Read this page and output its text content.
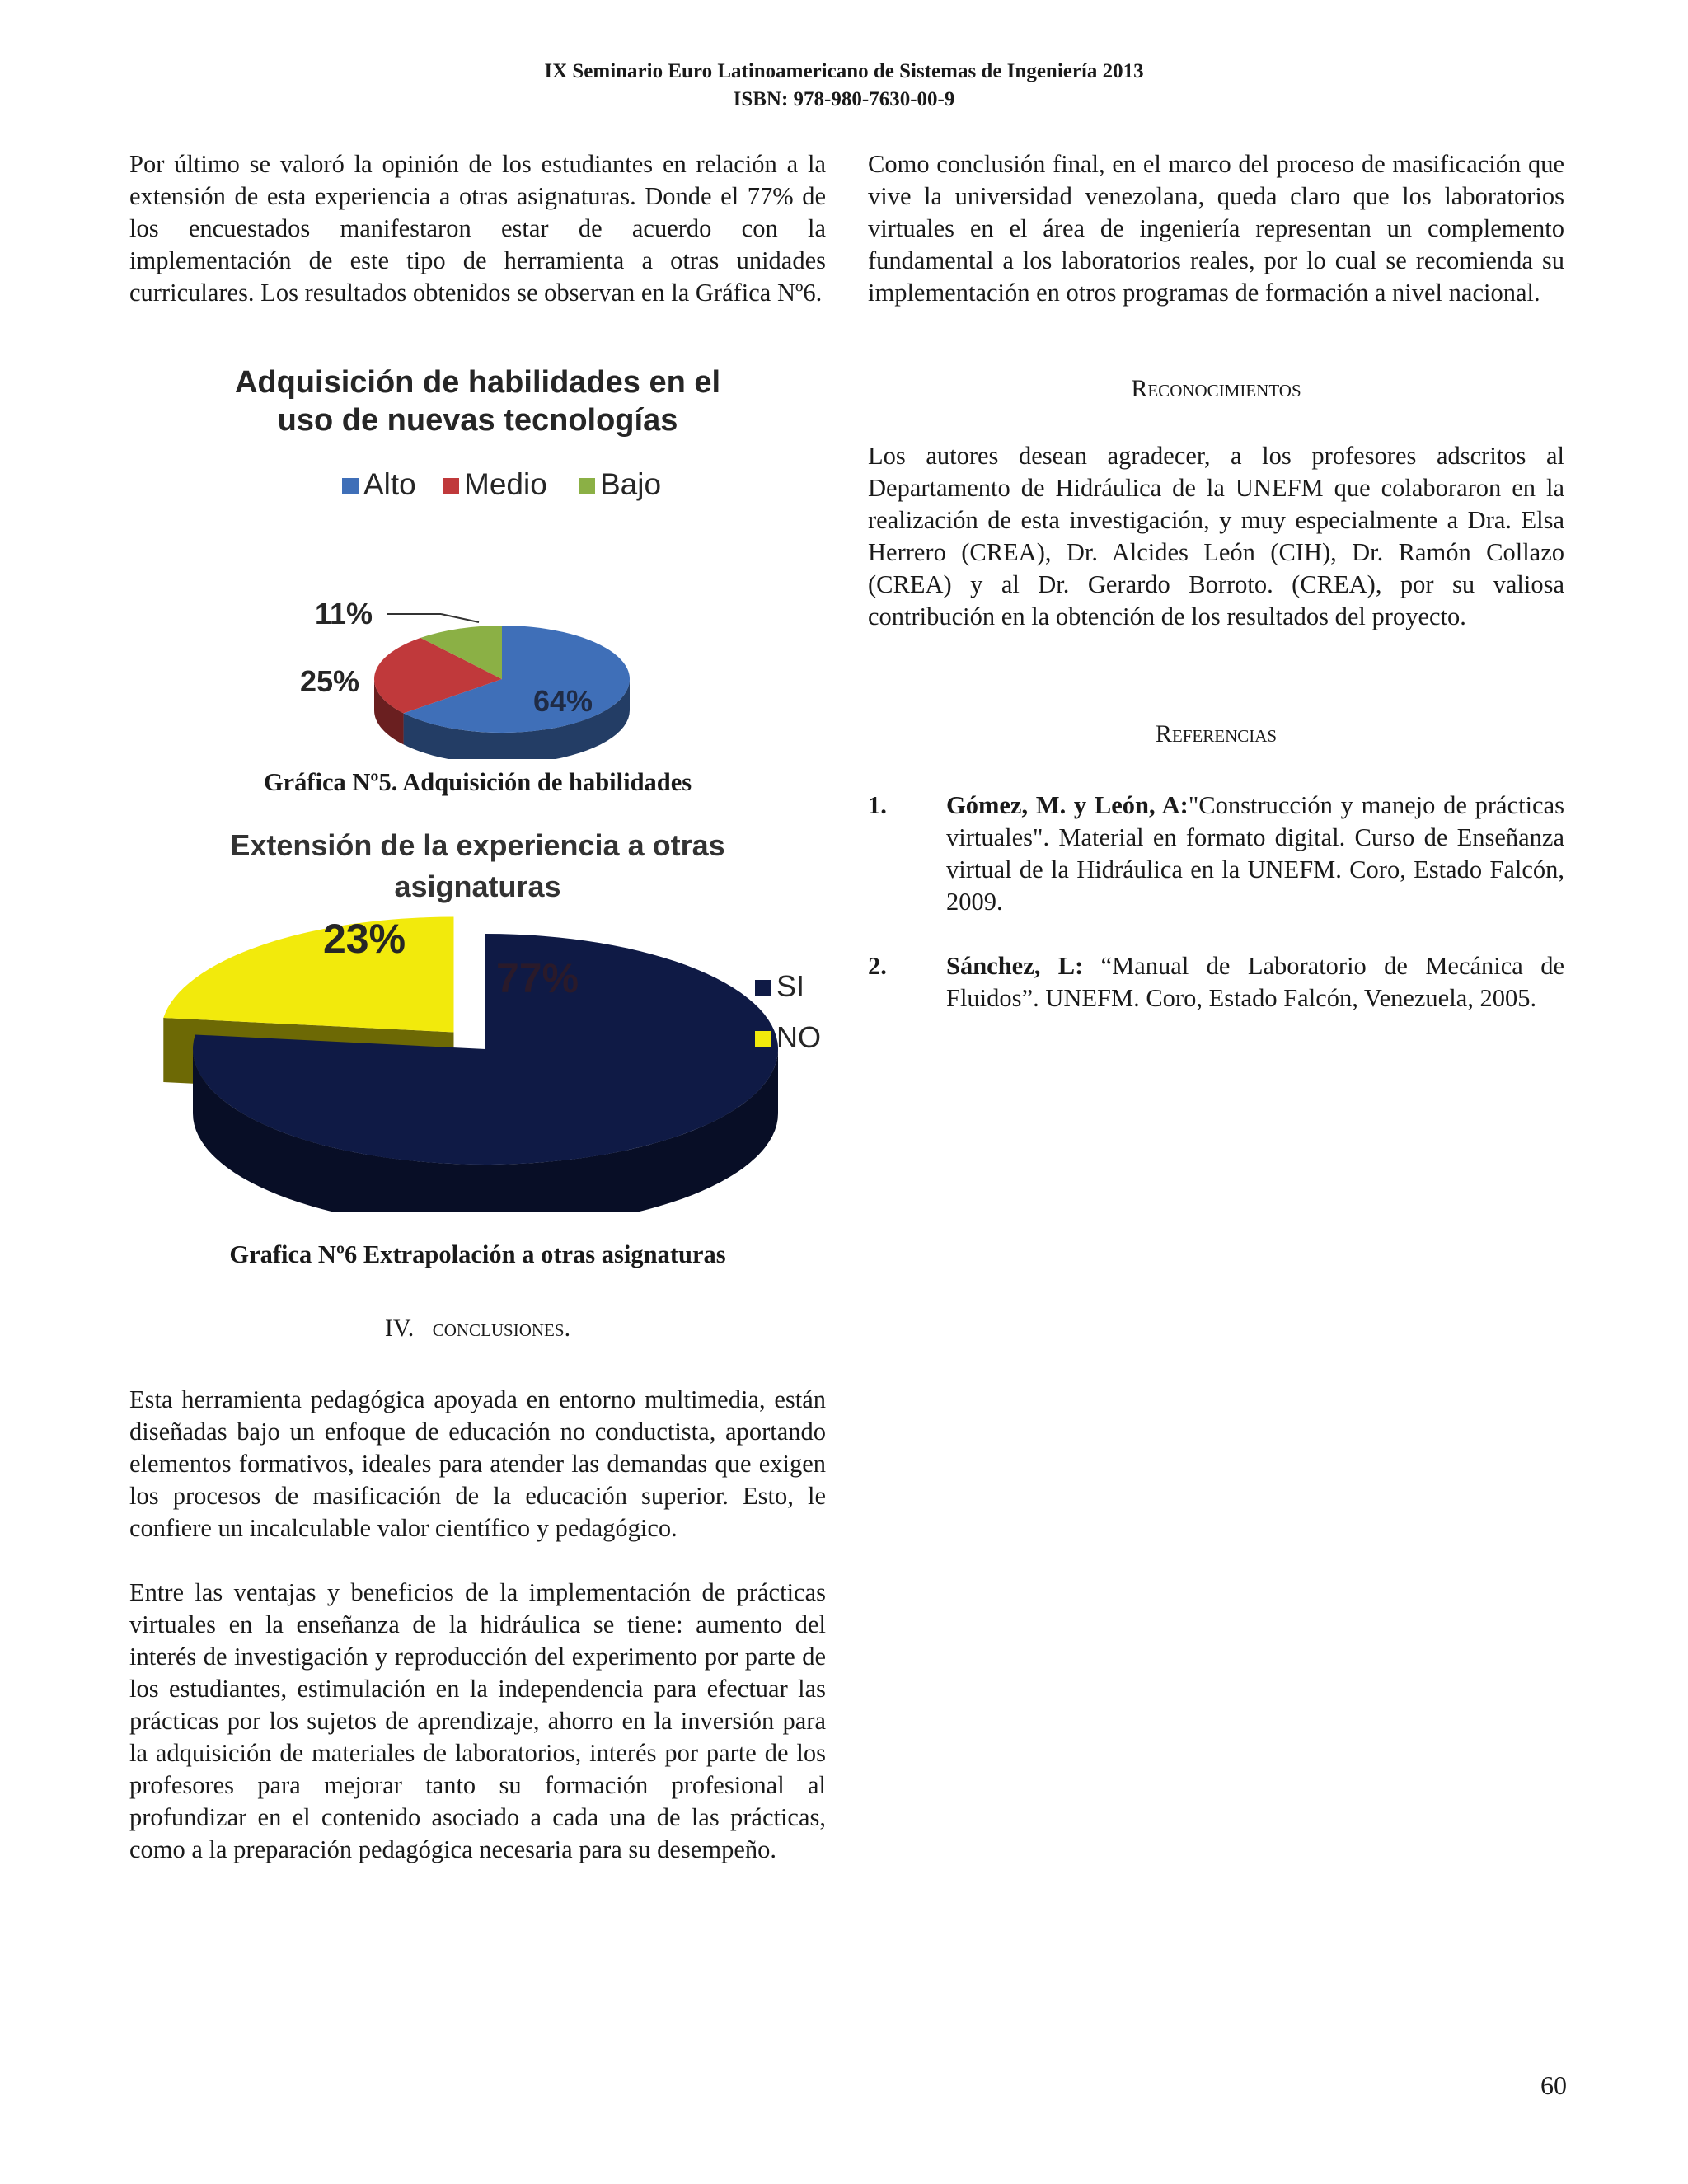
IX Seminario Euro Latinoamericano de Sistemas de Ingeniería 2013
ISBN: 978-980-7630-00-9

Por último se valoró la opinión de los estudiantes en relación a la extensión de esta experiencia a otras asignaturas. Donde el 77% de los encuestados manifestaron estar de acuerdo con la implementación de este tipo de herramienta a otras unidades curriculares. Los resultados obtenidos se observan en la Gráfica Nº6.

Adquisición de habilidades en el
uso de nuevas tecnologías
Alto Medio Bajo
64%
25%
11%
Gráfica Nº5. Adquisición de habilidades
Extensión de la experiencia a otras
asignaturas
23%
77%	SI
NO
Grafica Nº6 Extrapolación a otras asignaturas
IV. conclusiones.

Esta herramienta pedagógica apoyada en entorno multimedia, están diseñadas bajo un enfoque de educación no conductista, aportando elementos formativos, ideales para atender las demandas que exigen los procesos de masificación de la educación superior. Esto, le confiere un incalculable valor científico y pedagógico.

Entre las ventajas y beneficios de la implementación de prácticas virtuales en la enseñanza de la hidráulica se tiene: aumento del interés de investigación y reproducción del experimento por parte de los estudiantes, estimulación en la independencia para efectuar las prácticas por los sujetos de aprendizaje, ahorro en la inversión para la adquisición de materiales de laboratorios, interés por parte de los profesores para mejorar tanto su formación profesional al profundizar en el contenido asociado a cada una de las prácticas, como a la preparación pedagógica necesaria para su desempeño.

Como conclusión final, en el marco del proceso de masificación que vive la universidad venezolana, queda claro que los laboratorios virtuales en el área de ingeniería representan un complemento fundamental a los laboratorios reales, por lo cual se recomienda su implementación en otros programas de formación a nivel nacional.

Reconocimientos

Los autores desean agradecer, a los profesores adscritos al Departamento de Hidráulica de la UNEFM que colaboraron en la realización de esta investigación, y muy especialmente a Dra. Elsa Herrero (CREA), Dr. Alcides León (CIH), Dr. Ramón Collazo (CREA) y al Dr. Gerardo Borroto. (CREA), por su valiosa contribución en la obtención de los resultados del proyecto.

Referencias
1.	Gómez, M. y León, A:"Construcción y manejo de prácticas virtuales". Material en formato digital. Curso de Enseñanza virtual de la Hidráulica en la UNEFM. Coro, Estado Falcón, 2009.
2.	Sánchez, L: “Manual de Laboratorio de Mecánica de Fluidos”. UNEFM. Coro, Estado Falcón, Venezuela, 2005.
60
